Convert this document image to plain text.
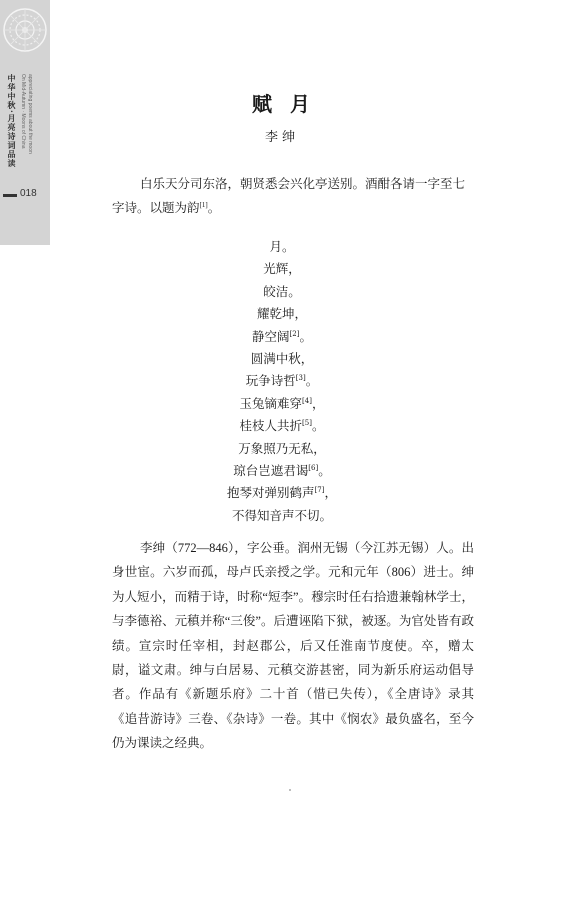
中华中秋·月亮诗词品读 On Mid-Autumn · Moons of China appreciating poems about the moon
018
赋 月
李绅
白乐天分司东洛，朝贤悉会兴化亭送别。酒酣各请一字至七字诗。以题为韵[1]。
月。
光辉，
皎洁。
耀乾坤，
静空阔[2]。
圆满中秋，
玩争诗哲[3]。
玉兔镝难穿[4]，
桂枝人共折[5]。
万象照乃无私，
琼台岂遮君谒[6]。
抱琴对弹别鹤声[7]，
不得知音声不切。
李绅（772—846），字公垂。润州无锡（今江苏无锡）人。出身世宦。六岁而孤，母卢氏亲授之学。元和元年（806）进士。绅为人短小，而精于诗，时称“短李”。穆宗时任右拾遗兼翰林学士，与李德裕、元稹并称“三俊”。后遭诬陷下狱，被逐。为官处皆有政绩。宣宗时任宰相，封赵郡公，后又任淮南节度使。卒，赠太尉，谥文肃。绅与白居易、元稹交游甚密，同为新乐府运动倡导者。作品有《新题乐府》二十首（惜已失传），《全唐诗》录其《追昔游诗》三卷、《杂诗》一卷。其中《悯农》最负盛名，至今仍为课读之经典。
